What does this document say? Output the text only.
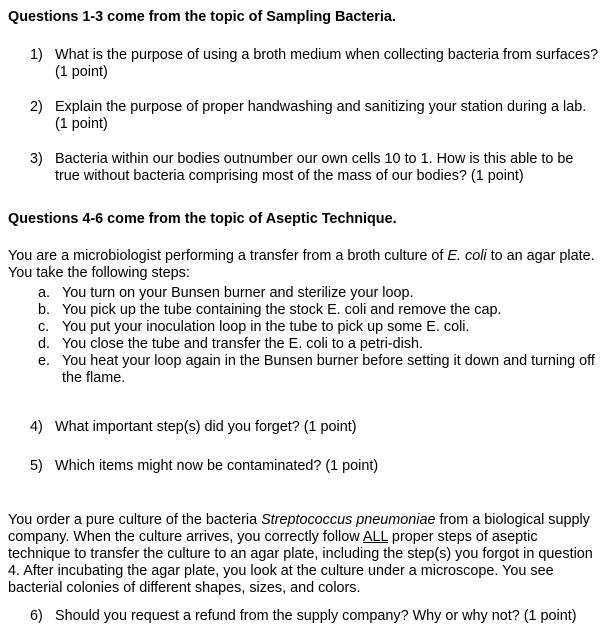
Questions 1-3 come from the topic of Sampling Bacteria.
1) What is the purpose of using a broth medium when collecting bacteria from surfaces? (1 point)
2) Explain the purpose of proper handwashing and sanitizing your station during a lab. (1 point)
3) Bacteria within our bodies outnumber our own cells 10 to 1. How is this able to be true without bacteria comprising most of the mass of our bodies? (1 point)
Questions 4-6 come from the topic of Aseptic Technique.

You are a microbiologist performing a transfer from a broth culture of E. coli to an agar plate. You take the following steps:

a. You turn on your Bunsen burner and sterilize your loop.
b. You pick up the tube containing the stock E. coli and remove the cap.
c. You put your inoculation loop in the tube to pick up some E. coli.
d. You close the tube and transfer the E. coli to a petri-dish.
e. You heat your loop again in the Bunsen burner before setting it down and turning off the flame.
4) What important step(s) did you forget? (1 point)
5) Which items might now be contaminated? (1 point)

You order a pure culture of the bacteria Streptococcus pneumoniae from a biological supply company. When the culture arrives, you correctly follow ALL proper steps of aseptic technique to transfer the culture to an agar plate, including the step(s) you forgot in question 4. After incubating the agar plate, you look at the culture under a microscope. You see bacterial colonies of different shapes, sizes, and colors.

6) Should you request a refund from the supply company? Why or why not? (1 point)
